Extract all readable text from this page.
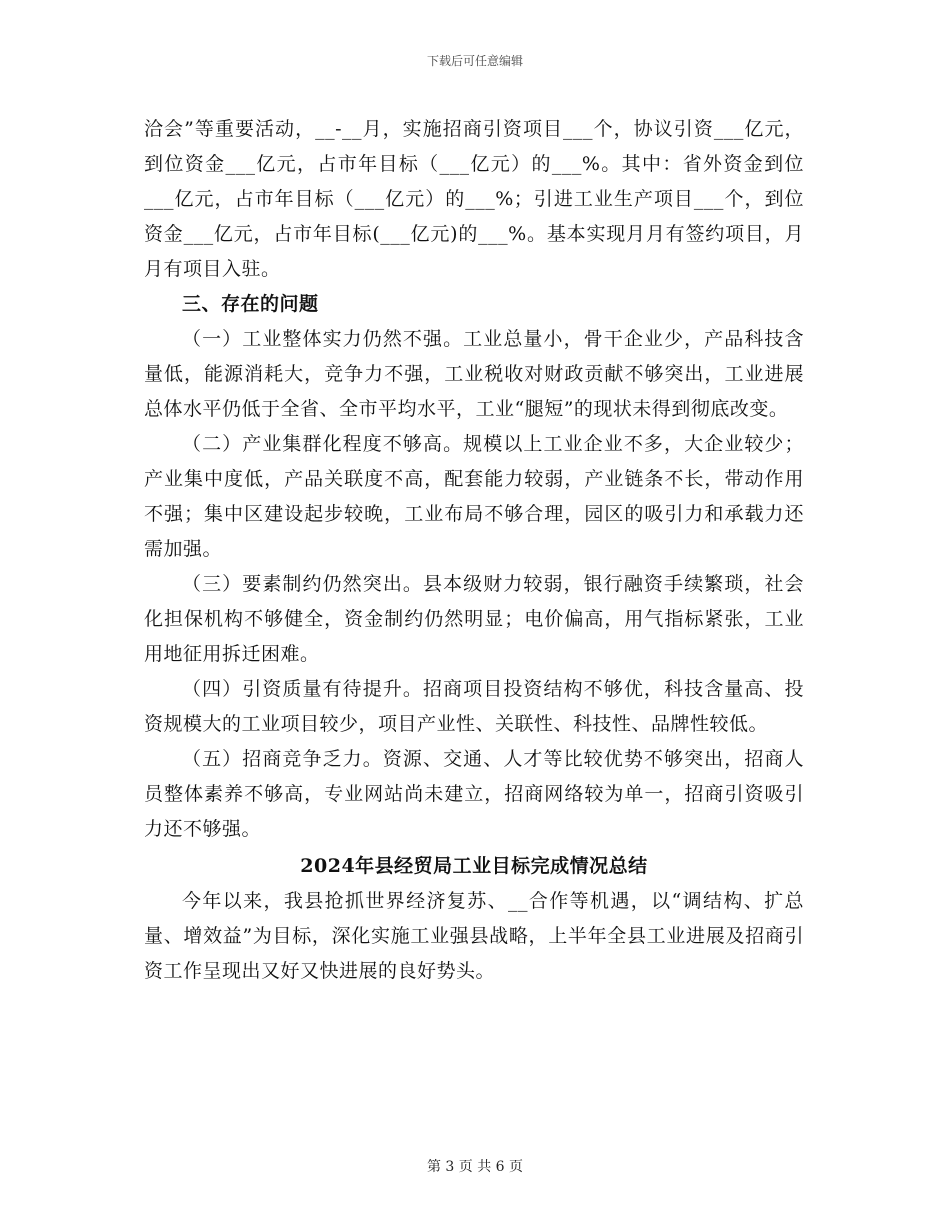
下载后可任意编辑

洽会”等重要活动，__-__月，实施招商引资项目___个，协议引资___亿元，到位资金___亿元，占市年目标（___亿元）的___%。其中：省外资金到位___亿元，占市年目标（___亿元）的___%；引进工业生产项目___个，到位资金___亿元，占市年目标(___亿元)的___%。基本实现月月有签约项目，月月有项目入驻。

三、存在的问题

（一）工业整体实力仍然不强。工业总量小，骨干企业少，产品科技含量低，能源消耗大，竞争力不强，工业税收对财政贡献不够突出，工业进展总体水平仍低于全省、全市平均水平，工业“腿短”的现状未得到彻底改变。

（二）产业集群化程度不够高。规模以上工业企业不多，大企业较少；产业集中度低，产品关联度不高，配套能力较弱，产业链条不长，带动作用不强；集中区建设起步较晚，工业布局不够合理，园区的吸引力和承载力还需加强。

（三）要素制约仍然突出。县本级财力较弱，银行融资手续繁琐，社会化担保机构不够健全，资金制约仍然明显；电价偏高，用气指标紧张，工业用地征用拆迁困难。

（四）引资质量有待提升。招商项目投资结构不够优，科技含量高、投资规模大的工业项目较少，项目产业性、关联性、科技性、品牌性较低。

（五）招商竞争乏力。资源、交通、人才等比较优势不够突出，招商人员整体素养不够高，专业网站尚未建立，招商网络较为单一，招商引资吸引力还不够强。

2024年县经贸局工业目标完成情况总结

今年以来，我县抢抓世界经济复苏、__合作等机遇，以“调结构、扩总量、增效益”为目标，深化实施工业强县战略，上半年全县工业进展及招商引资工作呈现出又好又快进展的良好势头。

第 3 页 共 6 页
